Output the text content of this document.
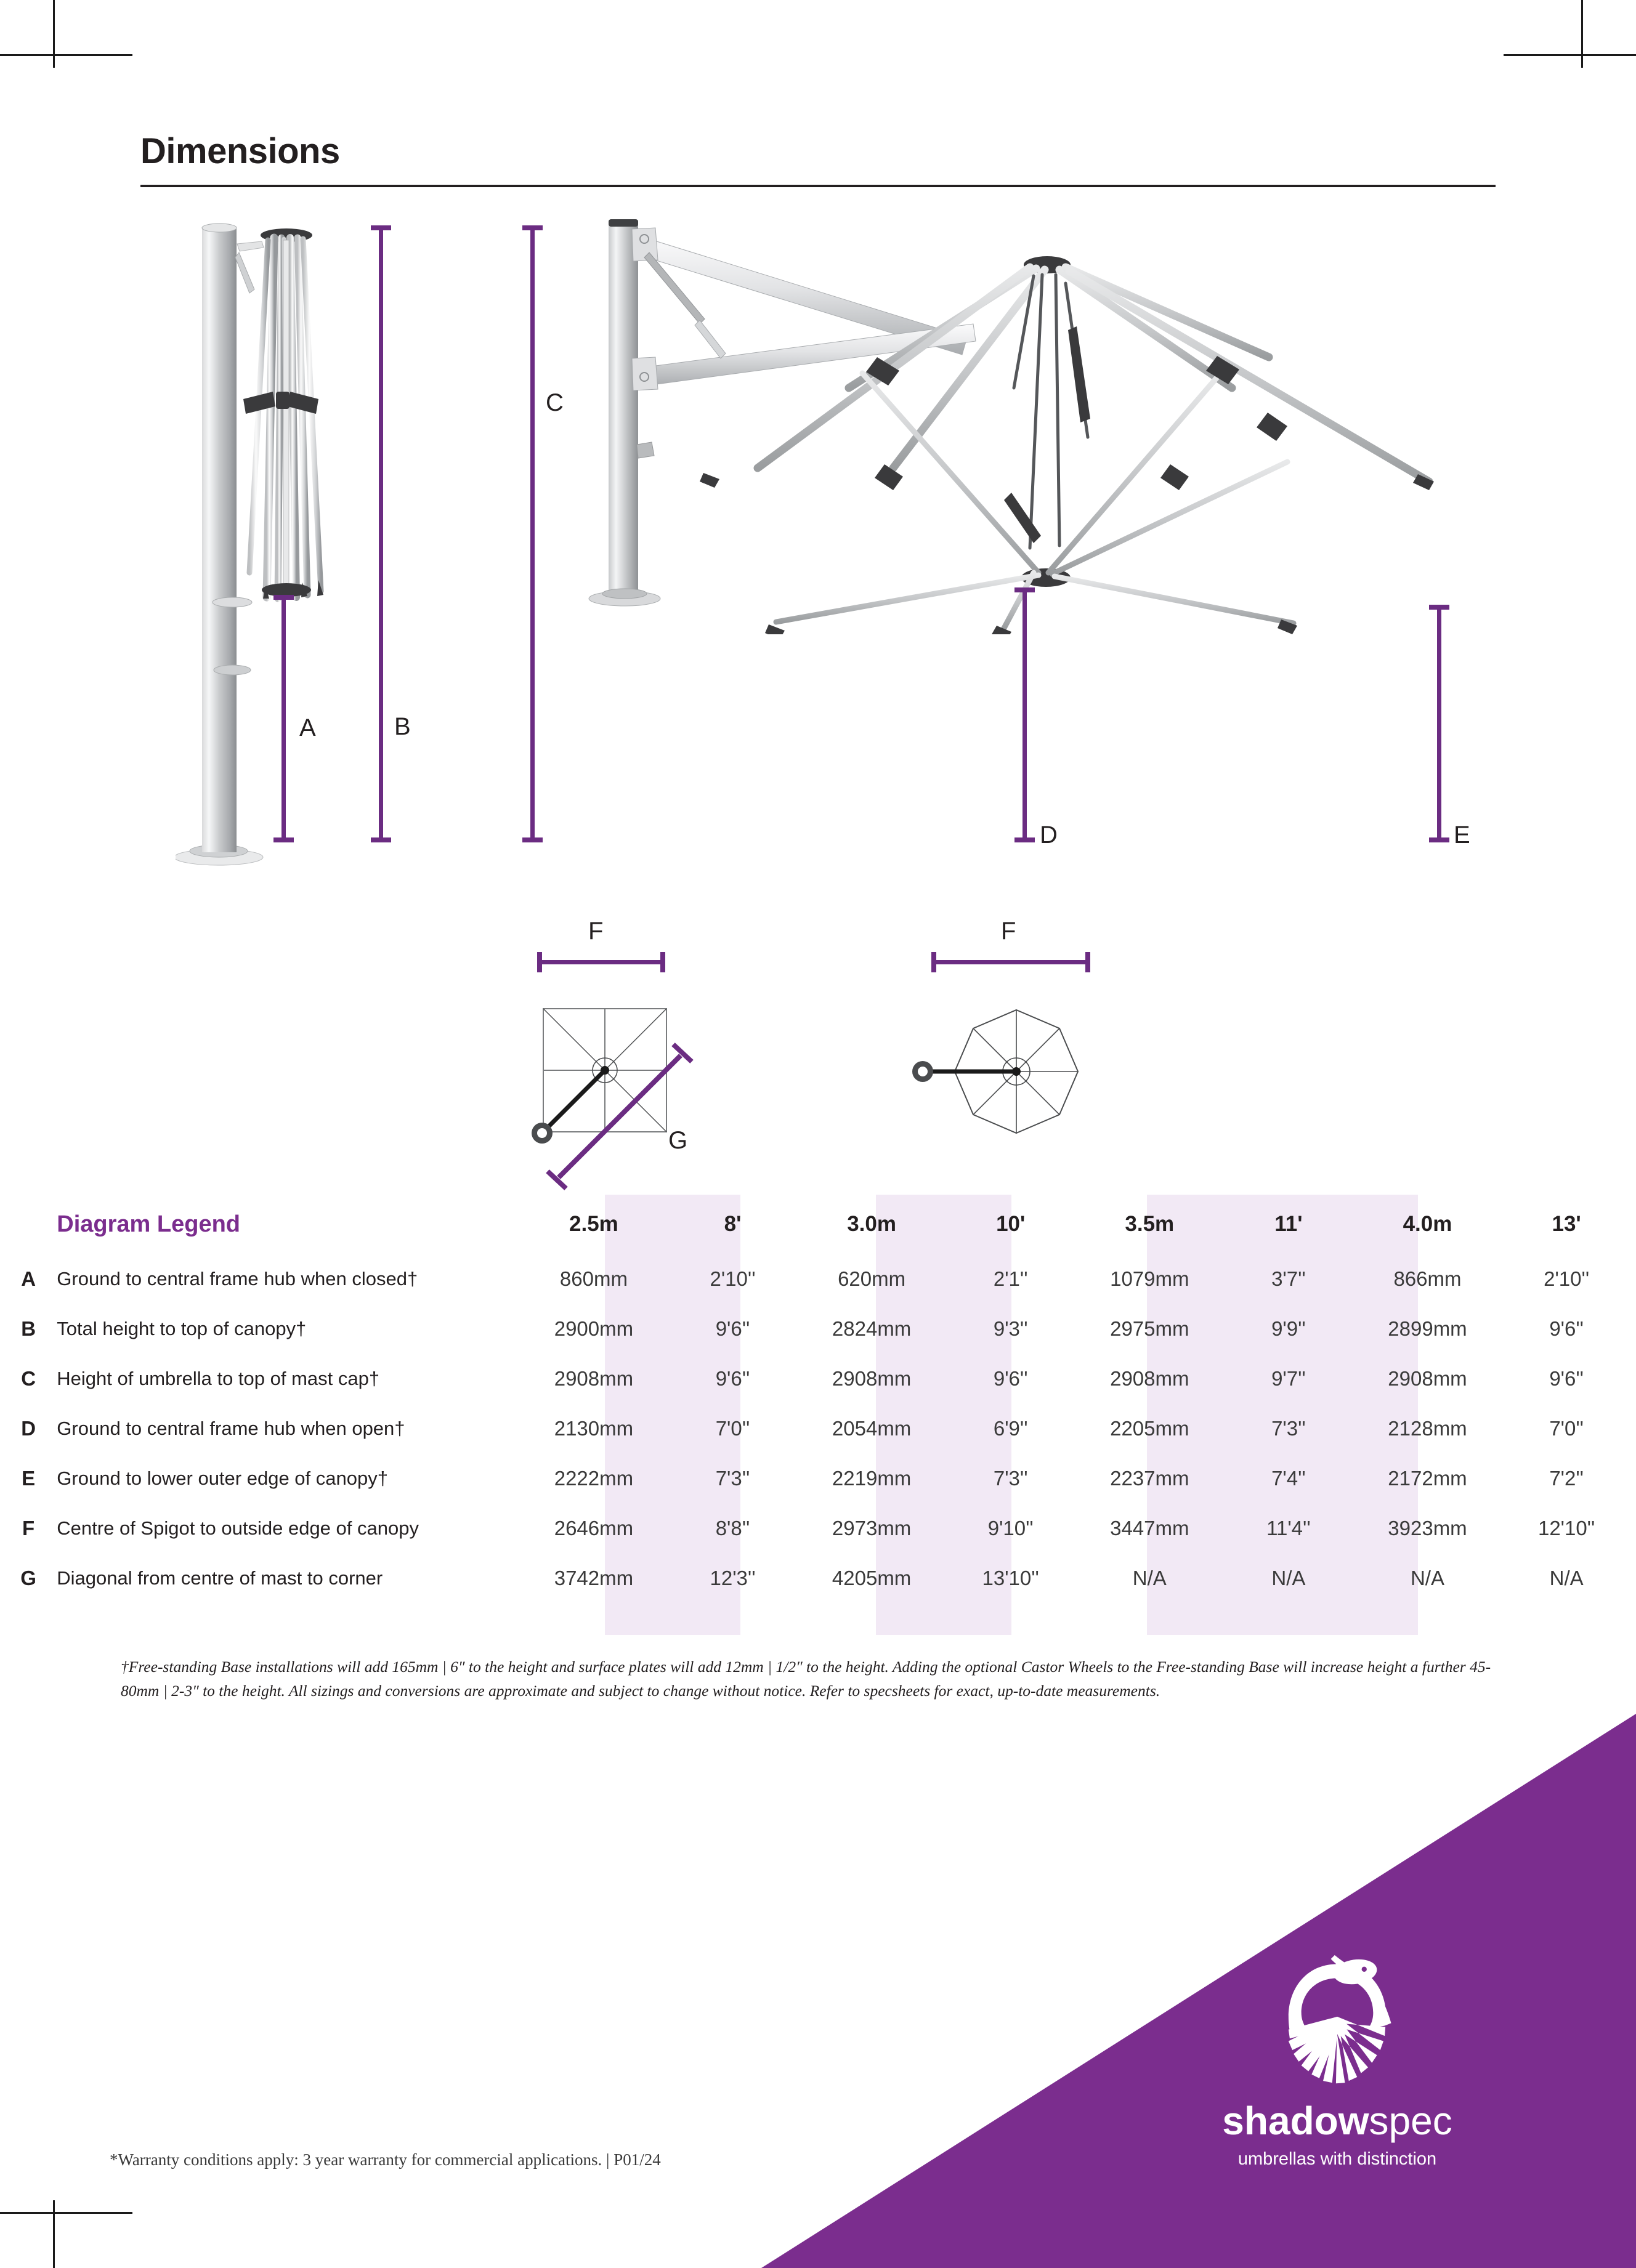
Dimensions
A	B
C
D	E
F
G
F
	Diagram Legend	2.5m	8'	3.0m	10'	3.5m	11'	4.0m	13'
A	Ground to central frame hub when closed†	860mm	2'10''	620mm	2'1''	1079mm	3'7''	866mm	2'10''
B	Total height to top of canopy†	2900mm	9'6''	2824mm	9'3''	2975mm	9'9''	2899mm	9'6''
C	Height of umbrella to top of mast cap†	2908mm	9'6''	2908mm	9'6''	2908mm	9'7''	2908mm	9'6''
D	Ground to central frame hub when open†	2130mm	7'0''	2054mm	6'9''	2205mm	7'3''	2128mm	7'0''
E	Ground to lower outer edge of canopy†	2222mm	7'3''	2219mm	7'3''	2237mm	7'4''	2172mm	7'2''
F	Centre of Spigot to outside edge of canopy	2646mm	8'8''	2973mm	9'10''	3447mm	11'4''	3923mm	12'10''
G	Diagonal from centre of mast to corner	3742mm	12'3''	4205mm	13'10''	N/A	N/A	N/A	N/A
†Free-standing Base installations will add 165mm | 6″ to the height and surface plates will add 12mm | 1/2″ to the height. Adding the optional Castor Wheels to the Free-standing Base will increase height a further 45-80mm | 2-3″ to the height. All sizings and conversions are approximate and subject to change without notice. Refer to specsheets for exact, up-to-date measurements.
shadowspec
umbrellas with distinction
*Warranty conditions apply: 3 year warranty for commercial applications. | P01/24
